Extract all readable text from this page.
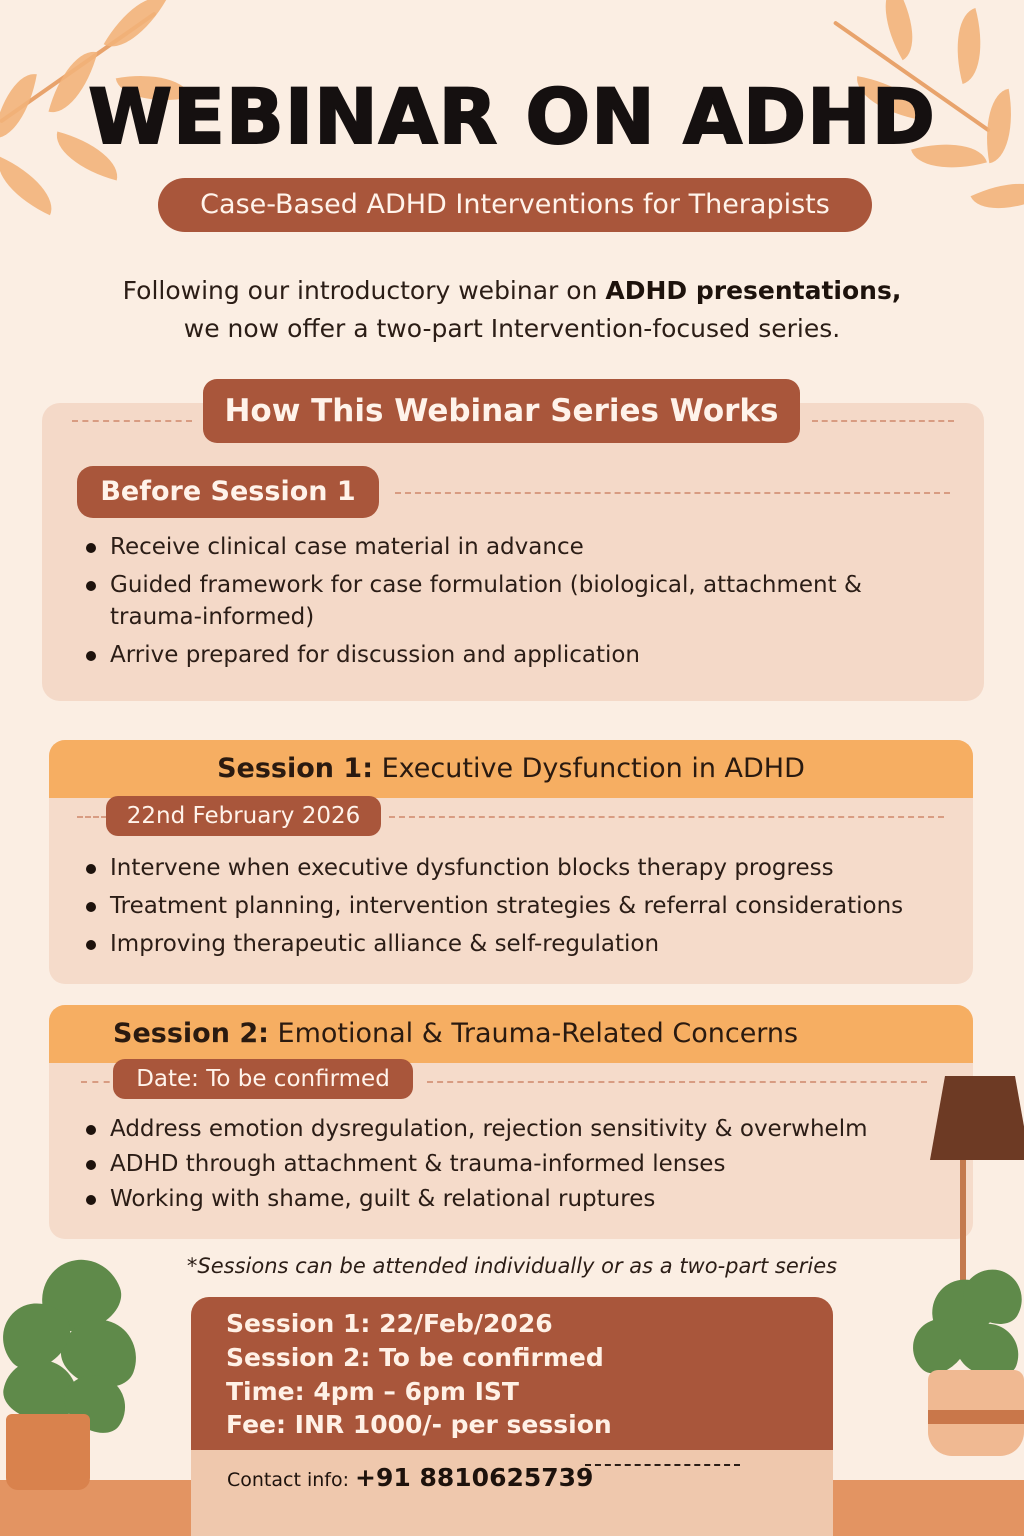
WEBINAR ON ADHD
Case-Based ADHD Interventions for Therapists
Following our introductory webinar on ADHD presentations,
we now offer a two-part Intervention-focused series.
How This Webinar Series Works
Before Session 1
Receive clinical case material in advance
Guided framework for case formulation (biological, attachment & trauma-informed)
Arrive prepared for discussion and application
Session 1: Executive Dysfunction in ADHD
22nd February 2026
Intervene when executive dysfunction blocks therapy progress
Treatment planning, intervention strategies & referral considerations
Improving therapeutic alliance & self-regulation
Session 2: Emotional & Trauma-Related Concerns
Date: To be confirmed
Address emotion dysregulation, rejection sensitivity & overwhelm
ADHD through attachment & trauma-informed lenses
Working with shame, guilt & relational ruptures
*Sessions can be attended individually or as a two-part series
Session 1: 22/Feb/2026
Session 2: To be confirmed
Time: 4pm – 6pm IST
Fee: INR 1000/- per session
Contact info: +91 8810625739
